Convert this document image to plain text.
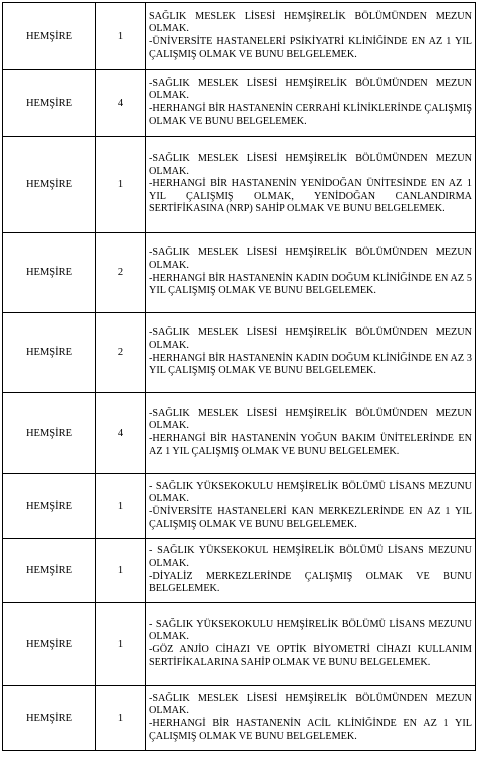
HEMŞİRE	1	SAĞLIK MESLEK LİSESİ HEMŞİRELİK BÖLÜMÜNDEN MEZUN OLMAK.
-ÜNİVERSİTE HASTANELERİ PSİKİYATRİ KLİNİĞİNDE EN AZ 1 YIL ÇALIŞMIŞ OLMAK VE BUNU BELGELEMEK.

HEMŞİRE	4	-SAĞLIK MESLEK LİSESİ HEMŞİRELİK BÖLÜMÜNDEN MEZUN OLMAK.
-HERHANGİ BİR HASTANENİN CERRAHİ KLİNİKLERİNDE ÇALIŞMIŞ OLMAK VE BUNU BELGELEMEK.

HEMŞİRE	1	-SAĞLIK MESLEK LİSESİ HEMŞİRELİK BÖLÜMÜNDEN MEZUN OLMAK.
-HERHANGİ BİR HASTANENİN YENİDOĞAN ÜNİTESİNDE EN AZ 1 YIL ÇALIŞMIŞ OLMAK, YENİDOĞAN CANLANDIRMA SERTİFİKASINA (NRP) SAHİP OLMAK VE BUNU BELGELEMEK.

HEMŞİRE	2	-SAĞLIK MESLEK LİSESİ HEMŞİRELİK BÖLÜMÜNDEN MEZUN OLMAK.
-HERHANGİ BİR HASTANENİN KADIN DOĞUM KLİNİĞİNDE EN AZ 5 YIL ÇALIŞMIŞ OLMAK VE BUNU BELGELEMEK.

HEMŞİRE	2	-SAĞLIK MESLEK LİSESİ HEMŞİRELİK BÖLÜMÜNDEN MEZUN OLMAK.
-HERHANGİ BİR HASTANENİN KADIN DOĞUM KLİNİĞİNDE EN AZ 3 YIL ÇALIŞMIŞ OLMAK VE BUNU BELGELEMEK.

HEMŞİRE	4	-SAĞLIK MESLEK LİSESİ HEMŞİRELİK BÖLÜMÜNDEN MEZUN OLMAK.
-HERHANGİ BİR HASTANENİN YOĞUN BAKIM ÜNİTELERİNDE EN AZ 1 YIL ÇALIŞMIŞ OLMAK VE BUNU BELGELEMEK.

HEMŞİRE	1	- SAĞLIK YÜKSEKOKULU HEMŞİRELİK BÖLÜMÜ LİSANS MEZUNU OLMAK.
-ÜNİVERSİTE HASTANELERİ KAN MERKEZLERİNDE EN AZ 1 YIL ÇALIŞMIŞ OLMAK VE BUNU BELGELEMEK.

HEMŞİRE	1	- SAĞLIK YÜKSEKOKUL HEMŞİRELİK BÖLÜMÜ LİSANS MEZUNU OLMAK.
-DİYALİZ MERKEZLERİNDE ÇALIŞMIŞ OLMAK VE BUNU BELGELEMEK.

HEMŞİRE	1	- SAĞLIK YÜKSEKOKULU HEMŞİRELİK BÖLÜMÜ LİSANS MEZUNU OLMAK.
-GÖZ ANJİO CİHAZI VE OPTİK BİYOMETRİ CİHAZI KULLANIM SERTİFİKALARINA SAHİP OLMAK VE BUNU BELGELEMEK.

HEMŞİRE	1	-SAĞLIK MESLEK LİSESİ HEMŞİRELİK BÖLÜMÜNDEN MEZUN OLMAK.
-HERHANGİ BİR HASTANENİN ACİL KLİNİĞİNDE EN AZ 1 YIL ÇALIŞMIŞ OLMAK VE BUNU BELGELEMEK.
